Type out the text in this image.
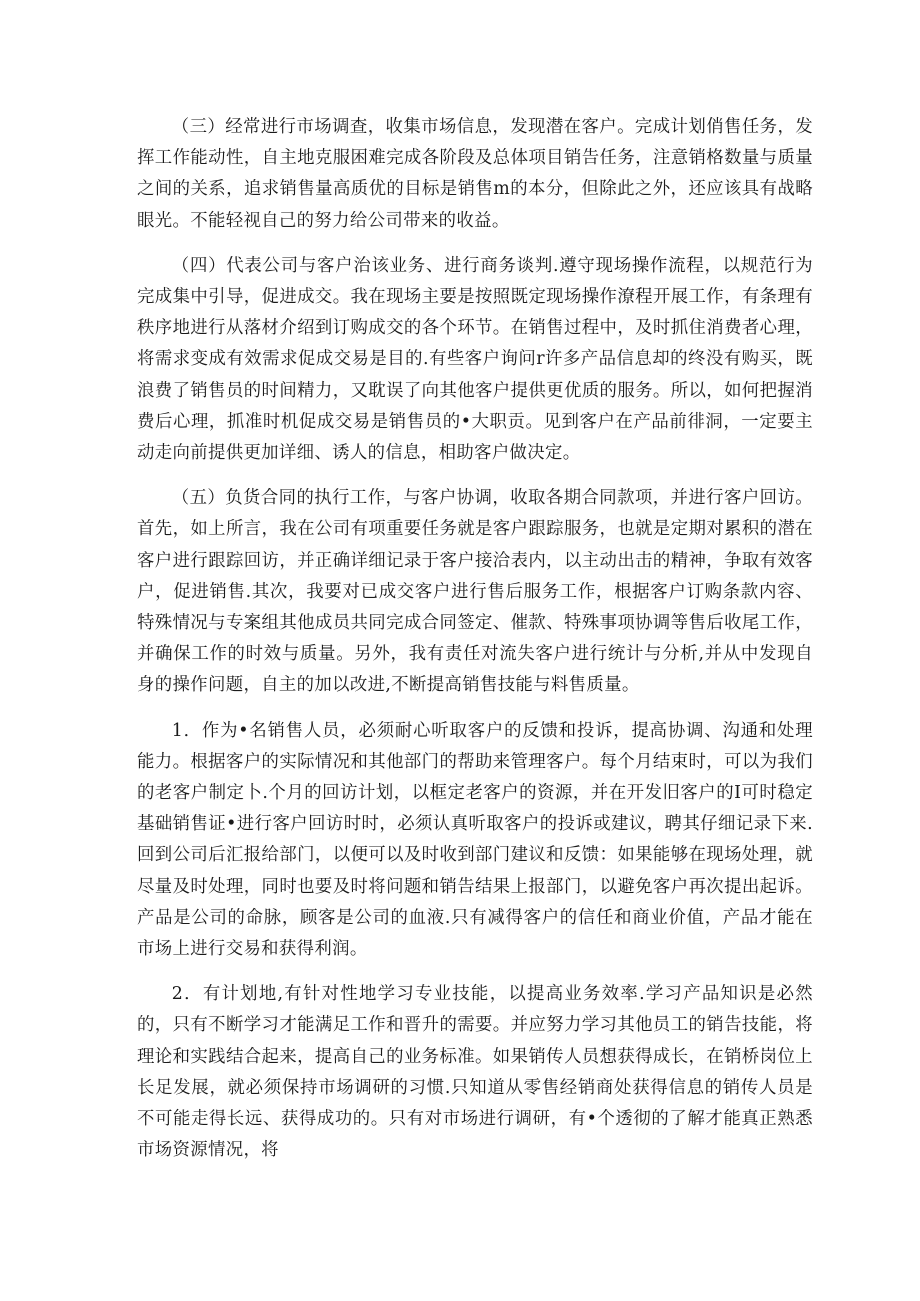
（三）经常进行市场调查，收集市场信息，发现潜在客户。完成计划俏售任务，发挥工作能动性，自主地克服困难完成各阶段及总体项目销告任务，注意销格数量与质量之间的关系，追求销售量高质优的目标是销售m的本分，但除此之外，还应该具有战略眼光。不能轻视自己的努力给公司带来的收益。

（四）代表公司与客户治该业务、进行商务谈判.遵守现场操作流程，以规范行为完成集中引导，促进成交。我在现场主要是按照既定现场操作潦程开展工作，有条理有秩序地进行从落材介绍到订购成交的各个环节。在销售过程中，及时抓住消费者心理，将需求变成有效需求促成交易是目的.有些客户询问r许多产品信息却的终没有购买，既浪费了销售员的时间精力，又耽误了向其他客户提供更优质的服务。所以，如何把握消费后心理，抓准时机促成交易是销售员的•大职贡。见到客户在产品前徘洞，一定要主动走向前提供更加详细、诱人的信息，相助客户做决定。

（五）负货合同的执行工作，与客户协调，收取各期合同款项，并进行客户回访。首先，如上所言，我在公司有项重要任务就是客户跟踪服务，也就是定期对累积的潜在客户进行跟踪回访，并正确详细记录于客户接洽表内，以主动出击的精神，争取有效客户，促进销售.其次，我要对已成交客户进行售后服务工作，根据客户订购条款内容、特殊情况与专案组其他成员共同完成合同签定、催款、特殊事项协调等售后收尾工作，并确保工作的时效与质量。另外，我有责任对流失客户进行统计与分析,并从中发现自身的操作问题，自主的加以改进,不断提高销售技能与料售质量。

1．作为•名销售人员，必须耐心听取客户的反馈和投诉，提高协调、沟通和处理能力。根据客户的实际情况和其他部门的帮助来管理客户。每个月结束时，可以为我们的老客户制定卜.个月的回访计划，以框定老客户的资源，并在开发旧客户的I可时稳定基础销售证•进行客户回访时时，必须认真听取客户的投诉或建议，聘其仔细记录下来.回到公司后汇报给部门，以便可以及时收到部门建议和反馈：如果能够在现场处理，就尽量及时处理，同时也要及时将问题和销告结果上报部门，以避免客户再次提出起诉。产品是公司的命脉，顾客是公司的血液.只有减得客户的信任和商业价值，产品才能在市场上进行交易和获得利润。

2．有计划地,有针对性地学习专业技能，以提高业务效率.学习产品知识是必然的，只有不断学习才能满足工作和晋升的需要。并应努力学习其他员工的销告技能，将理论和实践结合起来，提高自己的业务标准。如果销传人员想获得成长，在销桥岗位上长足发展，就必须保持市场调研的习惯.只知道从零售经销商处获得信息的销传人员是不可能走得长远、获得成功的。只有对市场进行调研，有•个透彻的了解才能真正熟悉市场资源情况，将
